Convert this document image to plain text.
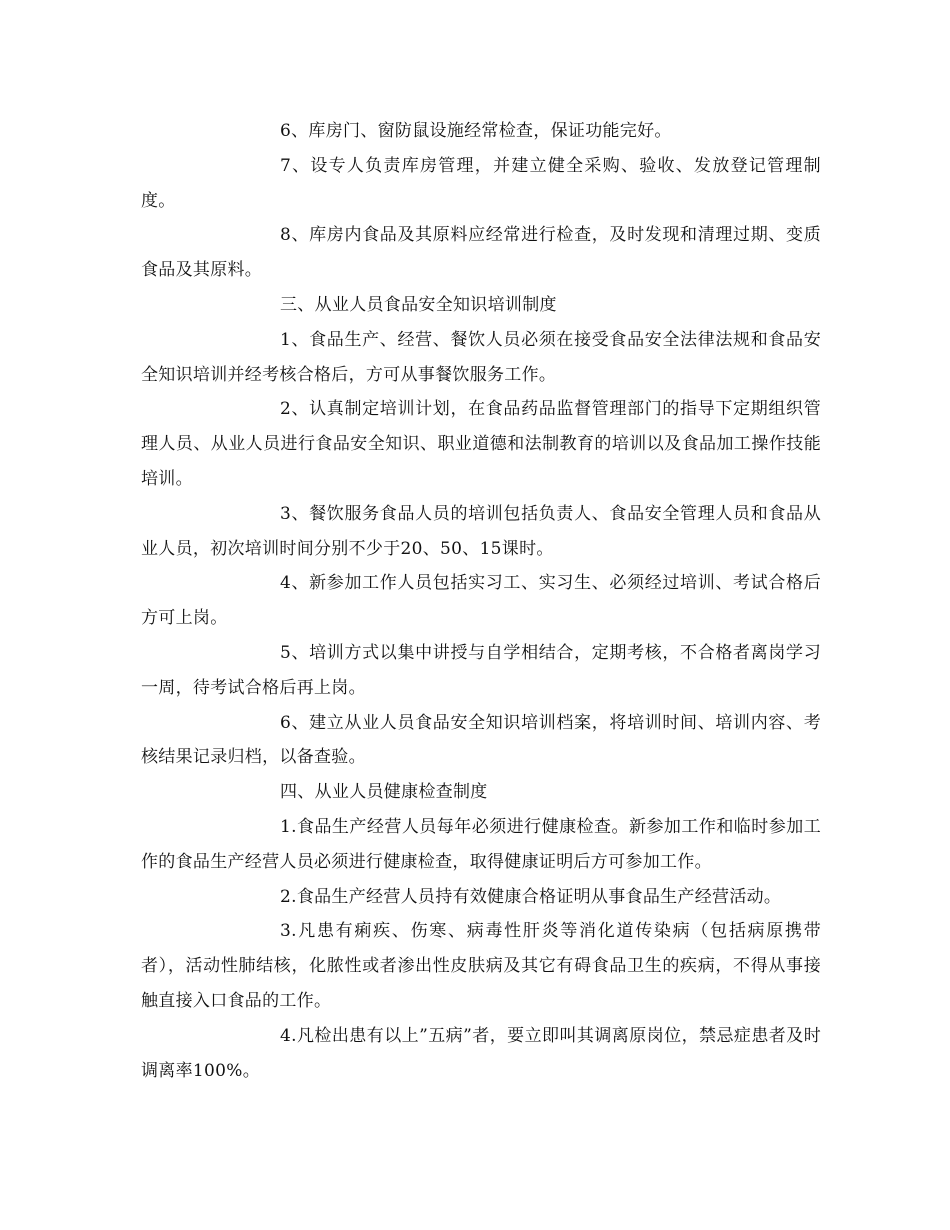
6、库房门、窗防鼠设施经常检查，保证功能完好。

7、设专人负责库房管理，并建立健全采购、验收、发放登记管理制度。

8、库房内食品及其原料应经常进行检查，及时发现和清理过期、变质食品及其原料。

三、从业人员食品安全知识培训制度

1、食品生产、经营、餐饮人员必须在接受食品安全法律法规和食品安全知识培训并经考核合格后，方可从事餐饮服务工作。

2、认真制定培训计划，在食品药品监督管理部门的指导下定期组织管理人员、从业人员进行食品安全知识、职业道德和法制教育的培训以及食品加工操作技能培训。

3、餐饮服务食品人员的培训包括负责人、食品安全管理人员和食品从业人员，初次培训时间分别不少于20、50、15课时。

4、新参加工作人员包括实习工、实习生、必须经过培训、考试合格后方可上岗。

5、培训方式以集中讲授与自学相结合，定期考核，不合格者离岗学习一周，待考试合格后再上岗。

6、建立从业人员食品安全知识培训档案，将培训时间、培训内容、考核结果记录归档，以备查验。

四、从业人员健康检查制度

1.食品生产经营人员每年必须进行健康检查。新参加工作和临时参加工作的食品生产经营人员必须进行健康检查，取得健康证明后方可参加工作。

2.食品生产经营人员持有效健康合格证明从事食品生产经营活动。

3.凡患有痢疾、伤寒、病毒性肝炎等消化道传染病（包括病原携带者），活动性肺结核，化脓性或者渗出性皮肤病及其它有碍食品卫生的疾病，不得从事接触直接入口食品的工作。

4.凡检出患有以上”五病”者，要立即叫其调离原岗位，禁忌症患者及时调离率100%。
